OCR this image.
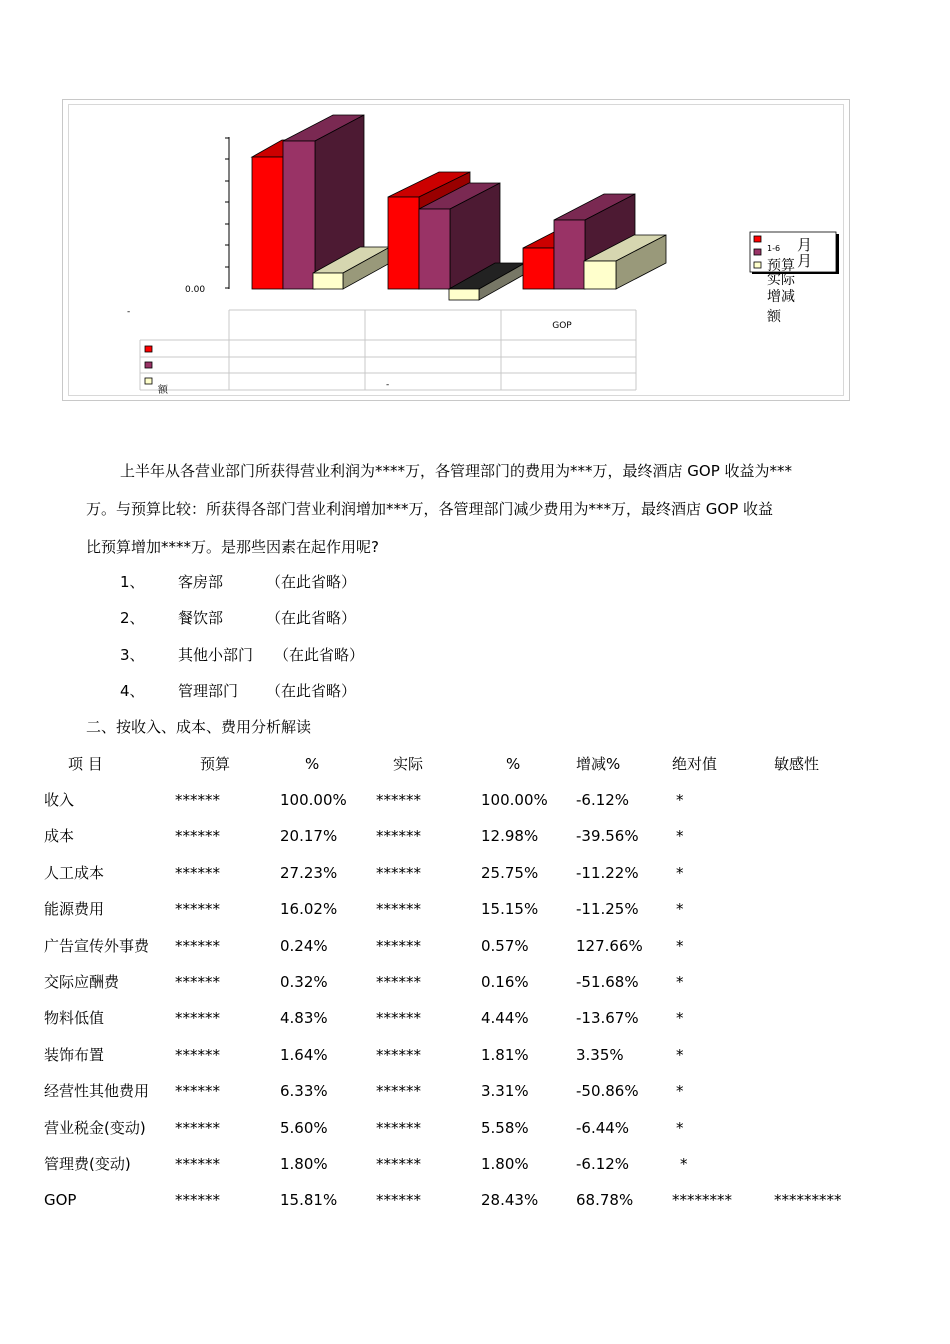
0.00
-
GOP
额	-
1-6 月
月
预算
实际
增减
额

上半年从各营业部门所获得营业利润为****万，各管理部门的费用为***万，最终酒店 GOP 收益为***

万。与预算比较：所获得各部门营业利润增加***万，各管理部门减少费用为***万，最终酒店 GOP 收益

比预算增加****万。是那些因素在起作用呢?

1、 客房部	（在此省略）
2、 餐饮部	（在此省略）
3、 其他小部门 （在此省略）
4、 管理部门 （在此省略）
二、按收入、成本、费用分析解读
项 目	预算	%	实际	%	增减%	绝对值	敏感性
收入	******	100.00% ******	100.00% -6.12%	*
成本	******	20.17%	******	12.98%	-39.56% *
人工成本	******	27.23%	******	25.75%	-11.22% *
能源费用	******	16.02%	******	15.15%	-11.25% *
广告宣传外事费 ******	0.24%	******	0.57%	127.66% *
交际应酬费	******	0.32%	******	0.16%	-51.68% *
物料低值	******	4.83%	******	4.44%	-13.67% *
装饰布置	******	1.64%	******	1.81%	3.35%	*
经营性其他费用 ******	6.33%	******	3.31%	-50.86% *
营业税金(变动) ******	5.60%	******	5.58%	-6.44%	*
管理费(变动)	******	1.80%	******	1.80%	-6.12%	*
GOP	******	15.81%	******	28.43%	68.78%	********	*********
